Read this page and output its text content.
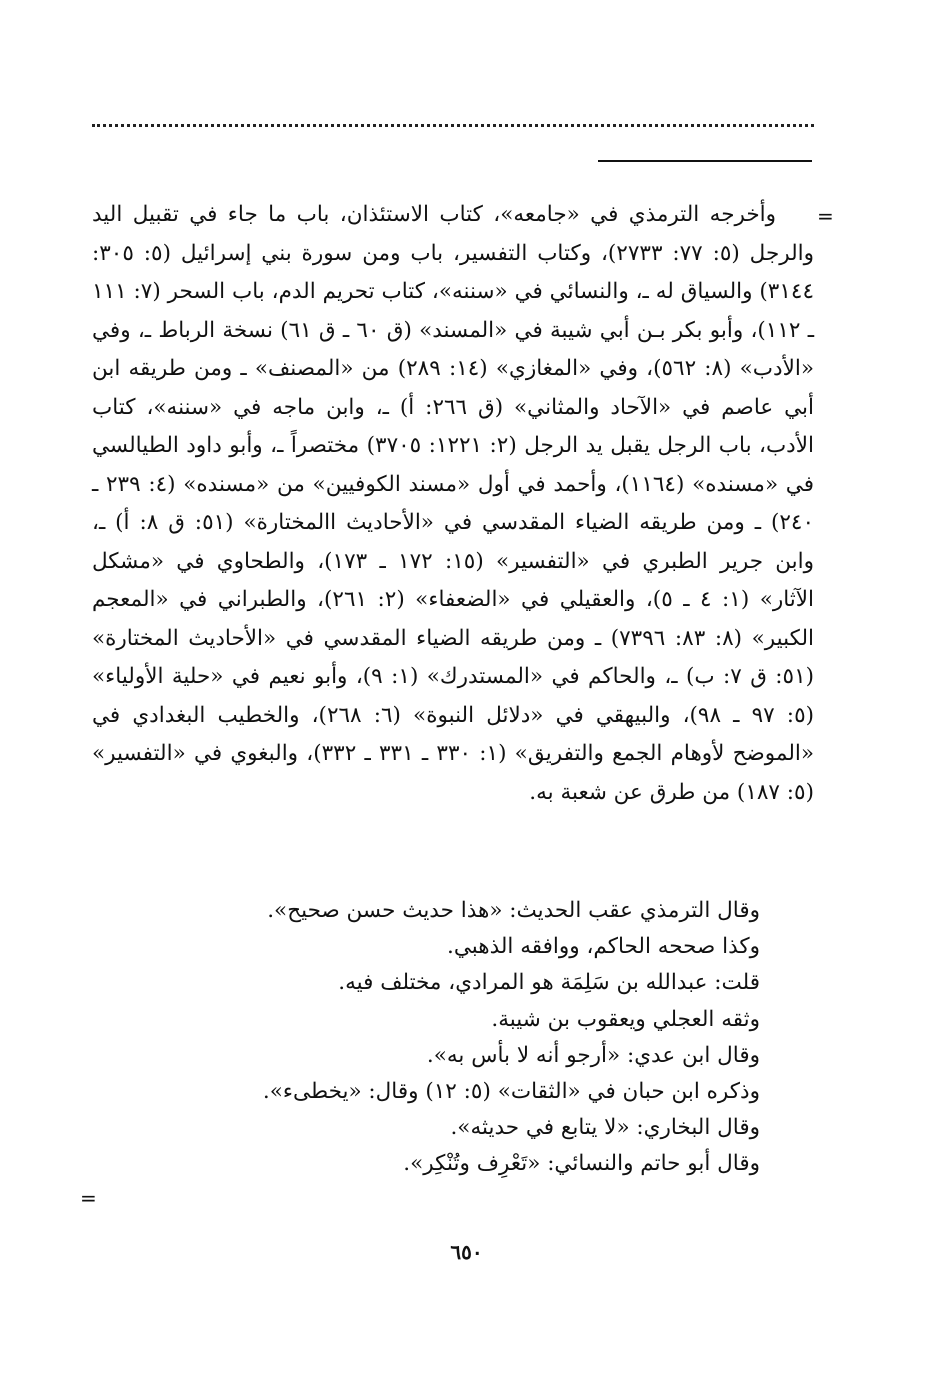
=

وأخرجه الترمذي في «جامعه»، كتاب الاستئذان، باب ما جاء في تقبيل اليد والرجل (٥: ٧٧: ٢٧٣٣)، وكتاب التفسير، باب ومن سورة بني إسرائيل (٥: ٣٠٥: ٣١٤٤) والسياق له ـ، والنسائي في «سننه»، كتاب تحريم الدم، باب السحر (٧: ١١١ ـ ١١٢)، وأبو بكر بـن أبي شيبة في «المسند» (ق ٦٠ ـ ق ٦١) نسخة الرباط ـ، وفي «الأدب» (٨: ٥٦٢)، وفي «المغازي» (١٤: ٢٨٩) من «المصنف» ـ ومن طريقه ابن أبي عاصم في «الآحاد والمثاني» (ق ٢٦٦: أ) ـ، وابن ماجه في «سننه»، كتاب الأدب، باب الرجل يقبل يد الرجل (٢: ١٢٢١: ٣٧٠٥) مختصراً ـ، وأبو داود الطيالسي في «مسنده» (١١٦٤)، وأحمد في أول «مسند الكوفيين» من «مسنده» (٤: ٢٣٩ ـ ٢٤٠) ـ ومن طريقه الضياء المقدسي في «الأحاديث االمختارة» (٥١: ق ٨: أ) ـ، وابن جرير الطبري في «التفسير» (١٥: ١٧٢ ـ ١٧٣)، والطحاوي في «مشكل الآثار» (١: ٤ ـ ٥)، والعقيلي في «الضعفاء» (٢: ٢٦١)، والطبراني في «المعجم الكبير» (٨: ٨٣: ٧٣٩٦) ـ ومن طريقه الضياء المقدسي في «الأحاديث المختارة» (٥١: ق ٧: ب) ـ، والحاكم في «المستدرك» (١: ٩)، وأبو نعيم في «حلية الأولياء» (٥: ٩٧ ـ ٩٨)، والبيهقي في «دلائل النبوة» (٦: ٢٦٨)، والخطيب البغدادي في «الموضح لأوهام الجمع والتفريق» (١: ٣٣٠ ـ ٣٣١ ـ ٣٣٢)، والبغوي في «التفسير» (٥: ١٨٧) من طرق عن شعبة به.

وقال الترمذي عقب الحديث: «هذا حديث حسن صحيح».
وكذا صححه الحاكم، ووافقه الذهبي.
قلت: عبدالله بن سَلِمَة هو المرادي، مختلف فيه.
وثقه العجلي ويعقوب بن شيبة.
وقال ابن عدي: «أرجو أنه لا بأس به».
وذكره ابن حبان في «الثقات» (٥: ١٢) وقال: «يخطىء».
وقال البخاري: «لا يتابع في حديثه».
وقال أبو حاتم والنسائي: «تَعْرِف وتُنْكِر».
=
٦٥٠
